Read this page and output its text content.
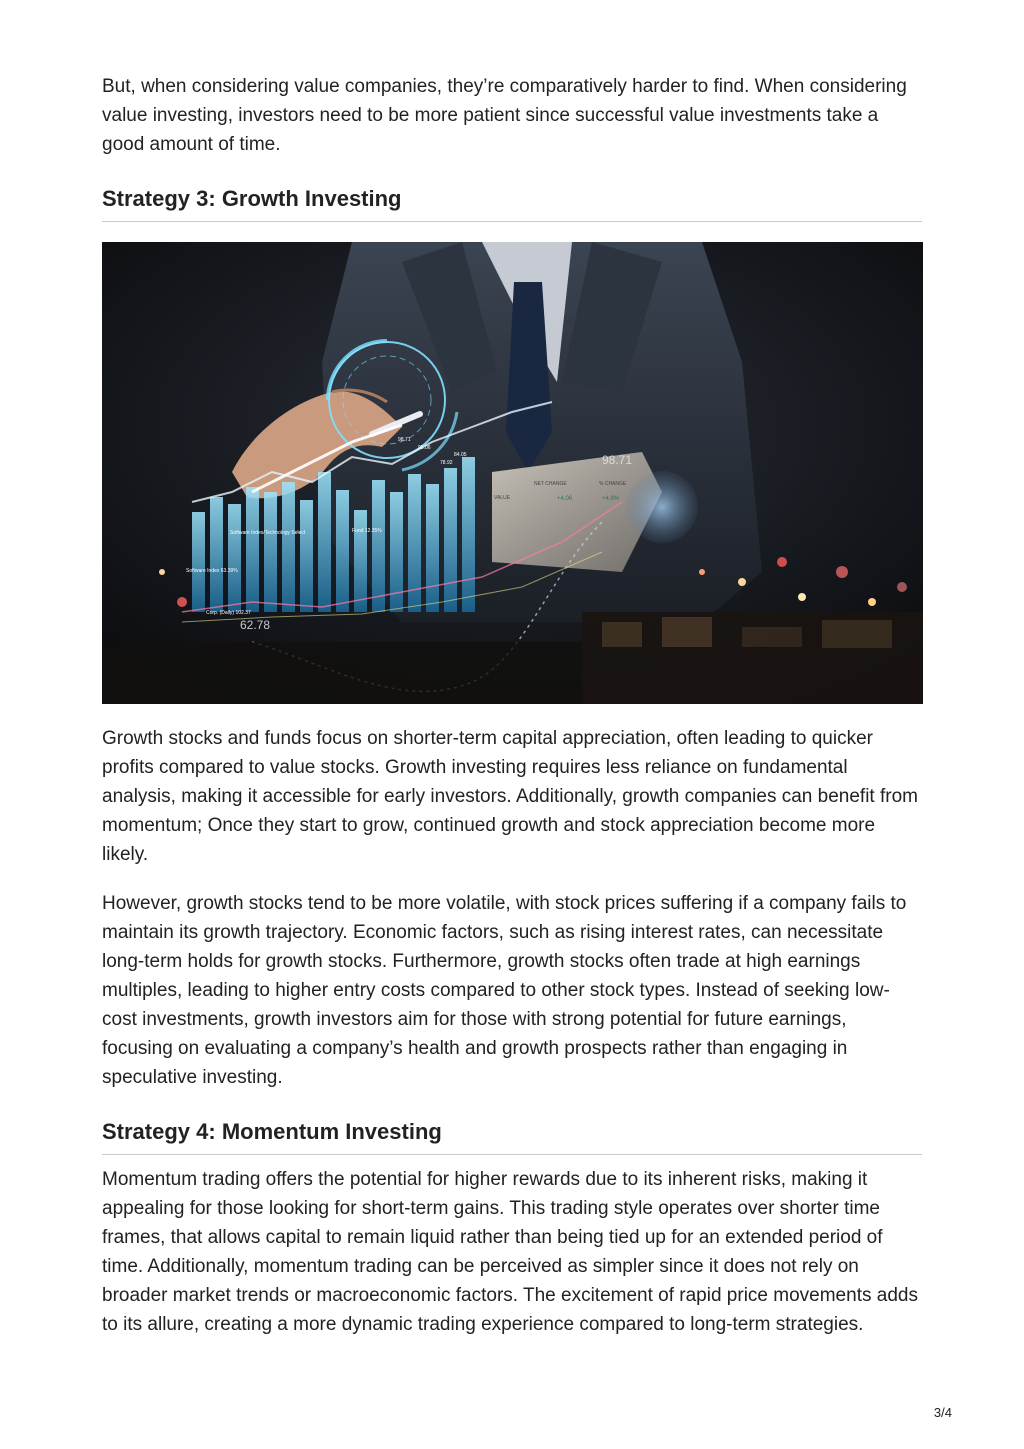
But, when considering value companies, they’re comparatively harder to find. When considering value investing, investors need to be more patient since successful value investments take a good amount of time.

Strategy 3: Growth Investing
VALUE
NET CHANGE	% CHANGE
+4.06	+4.9%
98.71
62.78
98.71
84.05
78.92
95.06
Software Index/Technology Select	Fund 12.35%
Software Index 63.39%
Corp. (Daily) 102.37

Growth stocks and funds focus on shorter-term capital appreciation, often leading to quicker profits compared to value stocks. Growth investing requires less reliance on fundamental analysis, making it accessible for early investors. Additionally, growth companies can benefit from momentum; Once they start to grow, continued growth and stock appreciation become more likely.

However, growth stocks tend to be more volatile, with stock prices suffering if a company fails to maintain its growth trajectory. Economic factors, such as rising interest rates, can necessitate long-term holds for growth stocks. Furthermore, growth stocks often trade at high earnings multiples, leading to higher entry costs compared to other stock types. Instead of seeking low-cost investments, growth investors aim for those with strong potential for future earnings, focusing on evaluating a company’s health and growth prospects rather than engaging in speculative investing.

Strategy 4: Momentum Investing

Momentum trading offers the potential for higher rewards due to its inherent risks, making it appealing for those looking for short-term gains. This trading style operates over shorter time frames, that allows capital to remain liquid rather than being tied up for an extended period of time. Additionally, momentum trading can be perceived as simpler since it does not rely on broader market trends or macroeconomic factors. The excitement of rapid price movements adds to its allure, creating a more dynamic trading experience compared to long-term strategies.

3/4
